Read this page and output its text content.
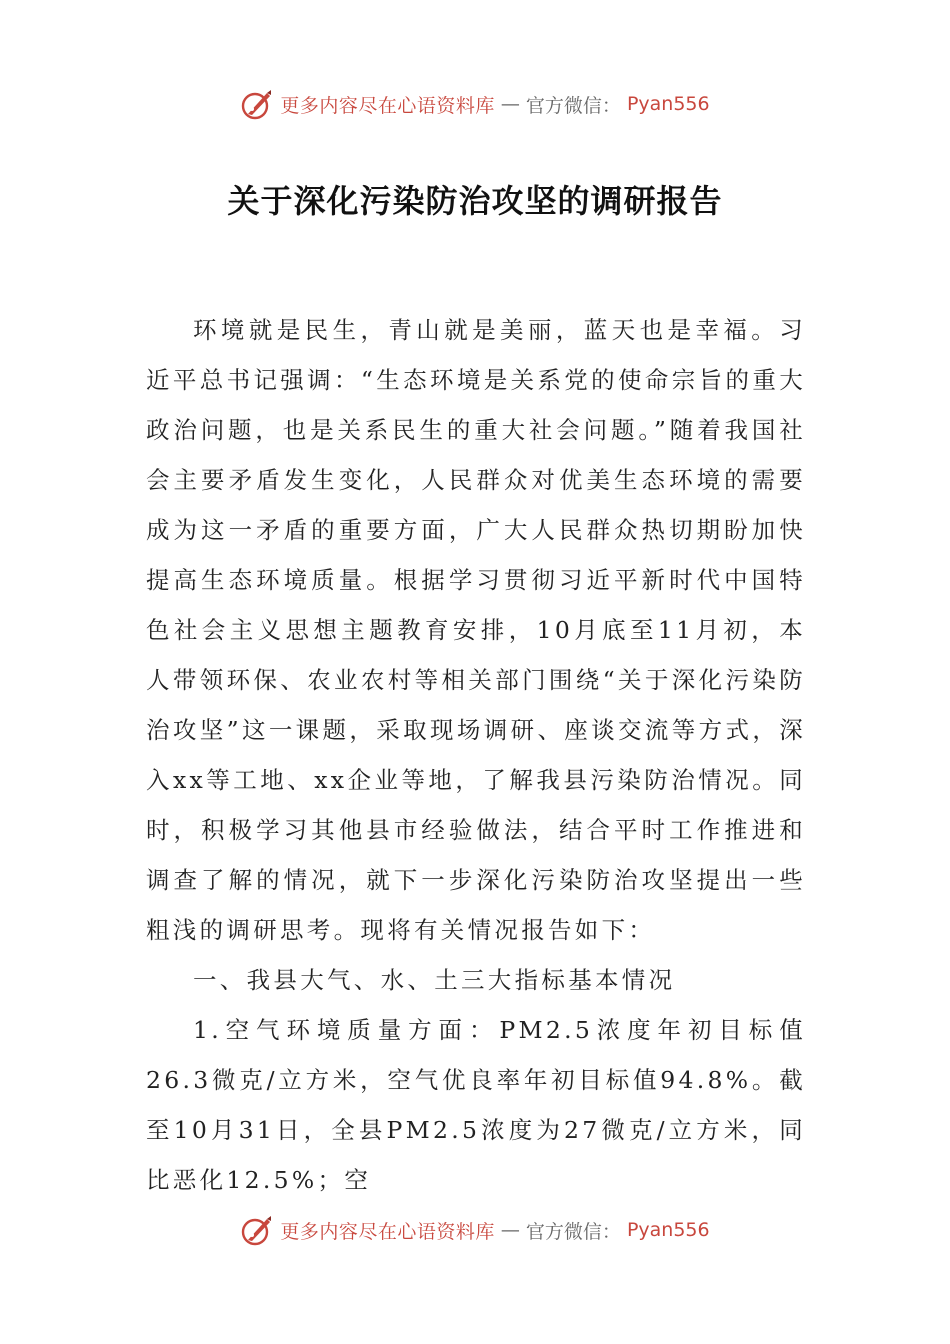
更多内容尽在心语资料库 — 官方微信： Pyan556
关于深化污染防治攻坚的调研报告

环境就是民生，青山就是美丽，蓝天也是幸福。习近平总书记强调：“生态环境是关系党的使命宗旨的重大政治问题，也是关系民生的重大社会问题。”随着我国社会主要矛盾发生变化，人民群众对优美生态环境的需要成为这一矛盾的重要方面，广大人民群众热切期盼加快提高生态环境质量。根据学习贯彻习近平新时代中国特色社会主义思想主题教育安排，10月底至11月初，本人带领环保、农业农村等相关部门围绕“关于深化污染防治攻坚”这一课题，采取现场调研、座谈交流等方式，深入xx等工地、xx企业等地，了解我县污染防治情况。同时，积极学习其他县市经验做法，结合平时工作推进和调查了解的情况，就下一步深化污染防治攻坚提出一些粗浅的调研思考。现将有关情况报告如下：

一、我县大气、水、土三大指标基本情况

1.空气环境质量方面：PM2.5浓度年初目标值26.3微克/立方米，空气优良率年初目标值94.8%。截至10月31日，全县PM2.5浓度为27微克/立方米，同比恶化12.5%；空

更多内容尽在心语资料库 — 官方微信： Pyan556
